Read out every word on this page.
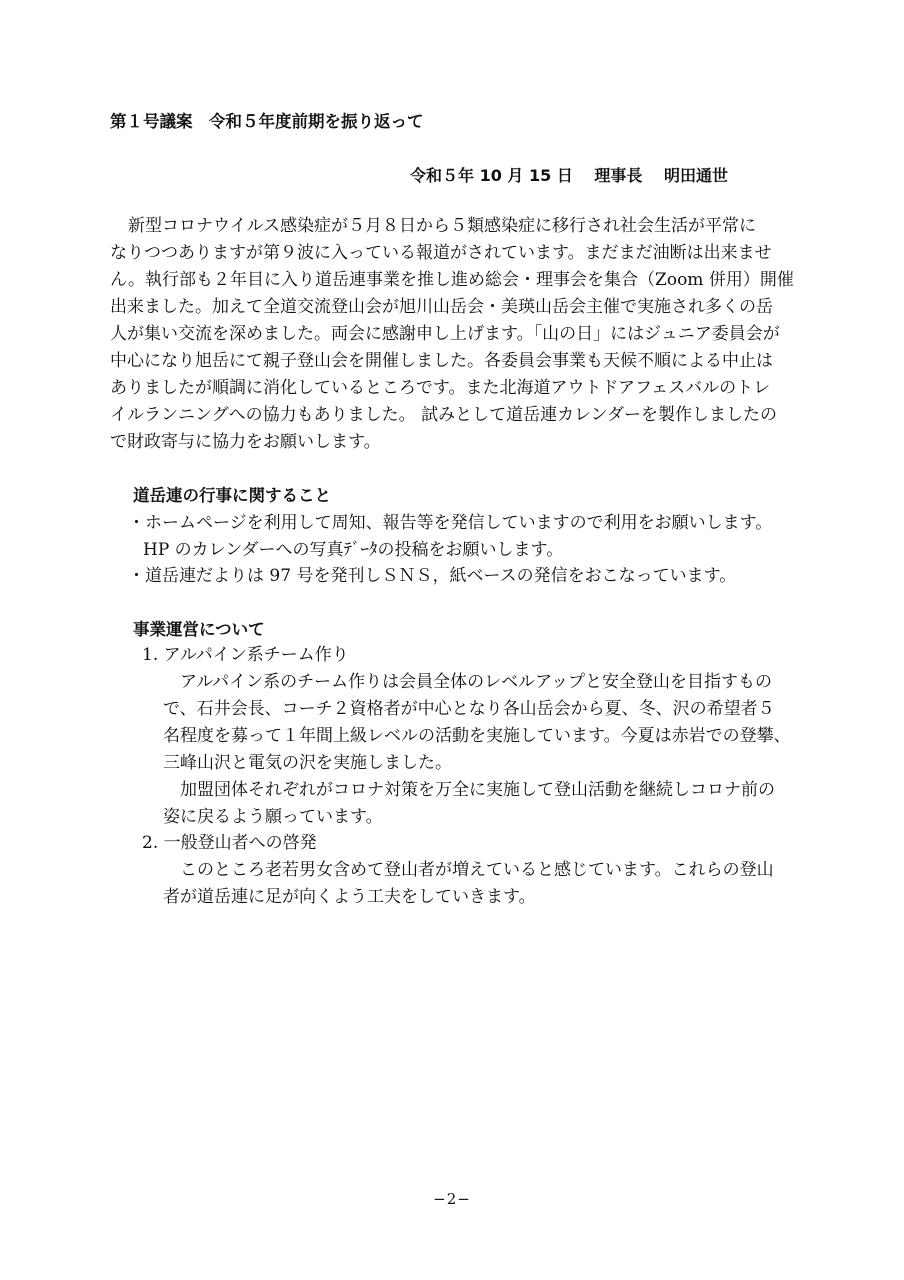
第１号議案　令和５年度前期を振り返って
令和５年 10 月 15 日 理事長 明田通世

新型コロナウイルス感染症が５月８日から５類感染症に移行され社会生活が平常に

なりつつありますが第９波に入っている報道がされています。まだまだ油断は出来ませ

ん。執行部も２年目に入り道岳連事業を推し進め総会・理事会を集合（Zoom 併用）開催

出来ました。加えて全道交流登山会が旭川山岳会・美瑛山岳会主催で実施され多くの岳

人が集い交流を深めました。両会に感謝申し上げます。「山の日」にはジュニア委員会が

中心になり旭岳にて親子登山会を開催しました。各委員会事業も天候不順による中止は

ありましたが順調に消化しているところです。また北海道アウトドアフェスバルのトレ

イルランニングへの協力もありました。 試みとして道岳連カレンダーを製作しましたの

で財政寄与に協力をお願いします。

道岳連の行事に関すること

・ホームページを利用して周知、報告等を発信していますので利用をお願いします。

HP のカレンダーへの写真ﾃﾞｰﾀの投稿をお願いします。

・道岳連だよりは 97 号を発刊しＳＮＳ，紙ベースの発信をおこなっています。

事業運営について

1. アルパイン系チーム作り

　アルパイン系のチーム作りは会員全体のレベルアップと安全登山を目指すもの

で、石井会長、コーチ２資格者が中心となり各山岳会から夏、冬、沢の希望者５

名程度を募って１年間上級レベルの活動を実施しています。今夏は赤岩での登攀、

三峰山沢と電気の沢を実施しました。

　加盟団体それぞれがコロナ対策を万全に実施して登山活動を継続しコロナ前の

姿に戻るよう願っています。

2. 一般登山者への啓発

　このところ老若男女含めて登山者が増えていると感じています。これらの登山

者が道岳連に足が向くよう工夫をしていきます。

−2−
